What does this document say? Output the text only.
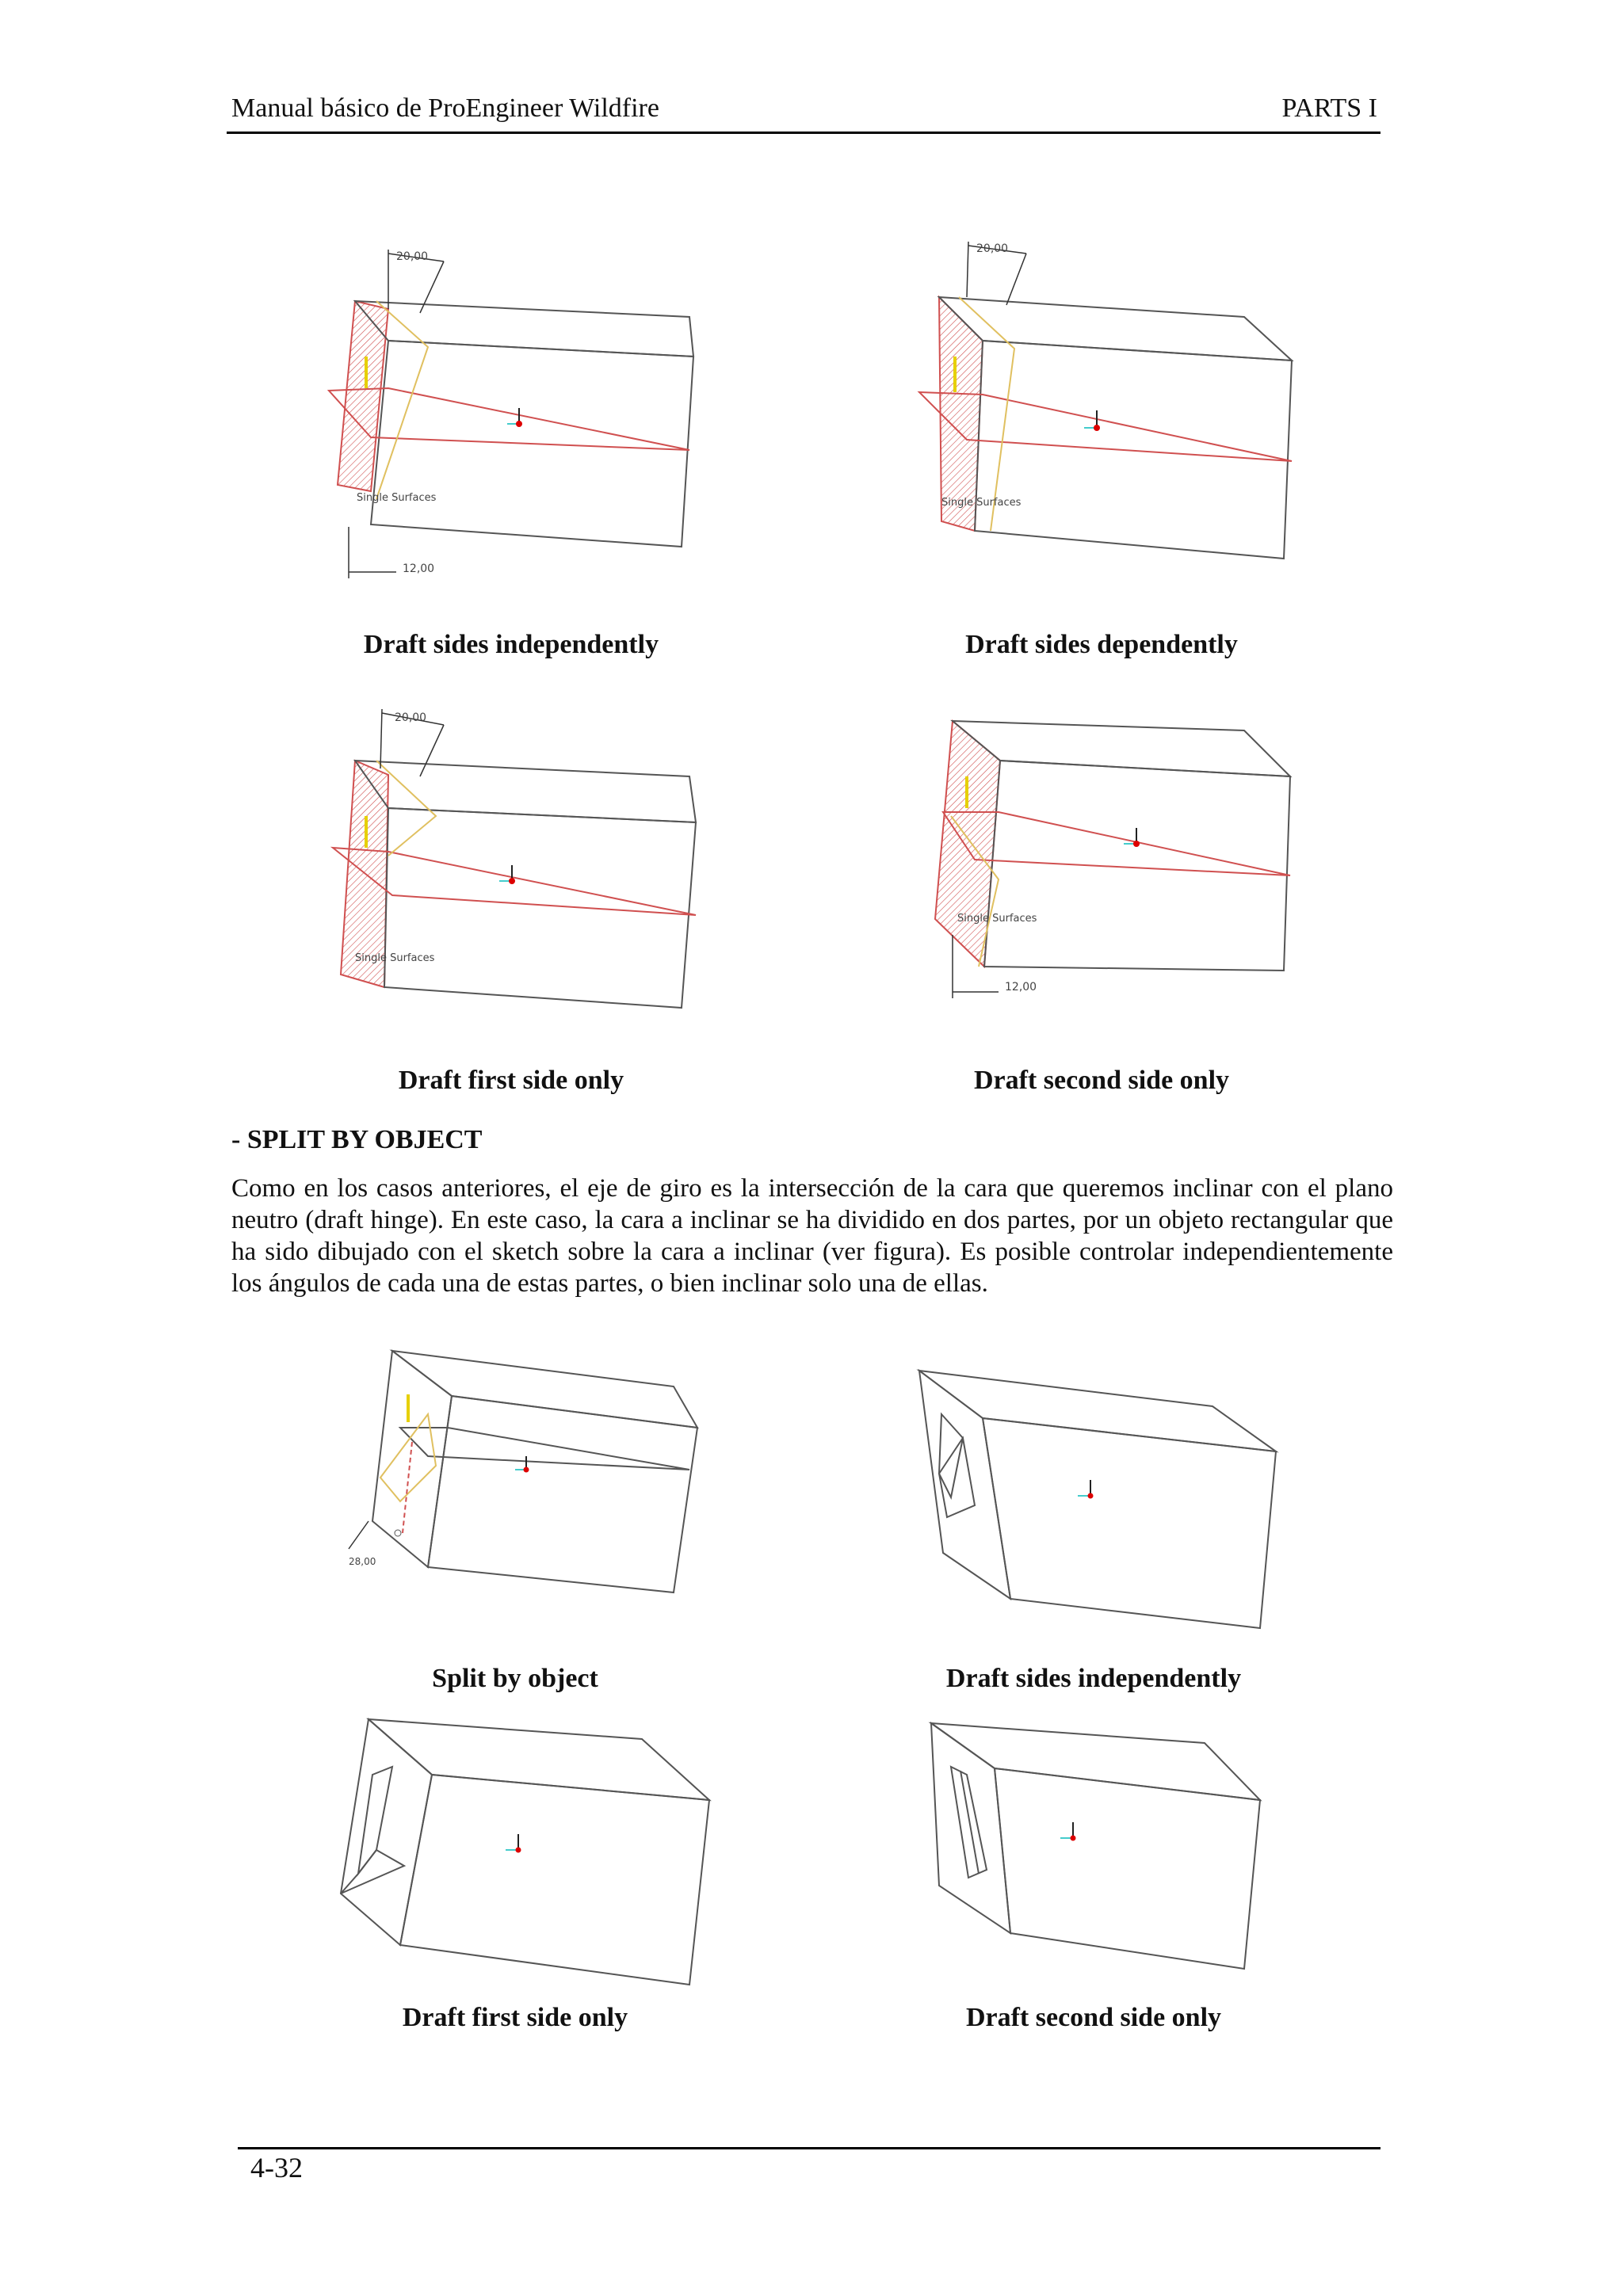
Manual básico de ProEngineer Wildfire	PARTS I
20,00
Single Surfaces
12,00
Draft sides independently
20,00
Single Surfaces
Draft sides dependently
20,00
Single Surfaces
Draft first side only
Single Surfaces
12,00
Draft second side only
- SPLIT BY OBJECT
Como en los casos anteriores, el eje de giro es la intersección de la cara que queremos inclinar con el plano neutro (draft hinge). En este caso, la cara a inclinar se ha dividido en dos partes, por un objeto rectangular que ha sido dibujado con el sketch sobre la cara a inclinar (ver figura). Es posible controlar independientemente los ángulos de cada una de estas partes, o bien inclinar solo una de ellas.
28,00
Split by object	Draft sides independently
Draft first side only	Draft second side only
4-32
